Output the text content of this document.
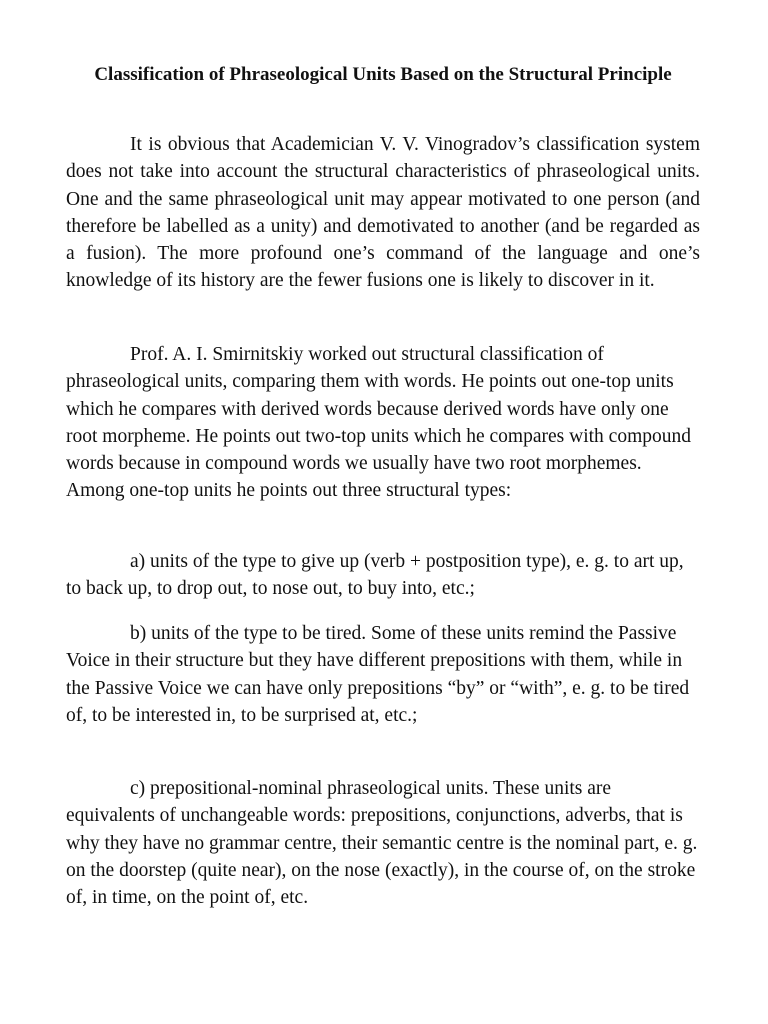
Classification of Phraseological Units Based on the Structural Principle

It is obvious that Academician V. V. Vinogradov’s classification system does not take into account the structural characteristics of phraseological units. One and the same phraseological unit may appear motivated to one person (and therefore be labelled as a unity) and demotivated to another (and be regarded as a fusion). The more profound one’s command of the language and one’s knowledge of its history are the fewer fusions one is likely to discover in it.

Prof. A. I. Smirnitskiy worked out structural classification of phraseological units, comparing them with words. He points out one-top units which he compares with derived words because derived words have only one root morpheme. He points out two-top units which he compares with compound words because in compound words we usually have two root morphemes. Among one-top units he points out three structural types:

a) units of the type to give up (verb + postposition type), e. g. to art up, to back up, to drop out, to nose out, to buy into, etc.;

b) units of the type to be tired. Some of these units remind the Passive Voice in their structure but they have different prepositions with them, while in the Passive Voice we can have only prepositions “by” or “with”, e. g. to be tired of, to be interested in, to be surprised at, etc.;

c) prepositional-nominal phraseological units. These units are equivalents of unchangeable words: prepositions, conjunctions, adverbs, that is why they have no grammar centre, their semantic centre is the nominal part, e. g. on the doorstep (quite near), on the nose (exactly), in the course of, on the stroke of, in time, on the point of, etc.
